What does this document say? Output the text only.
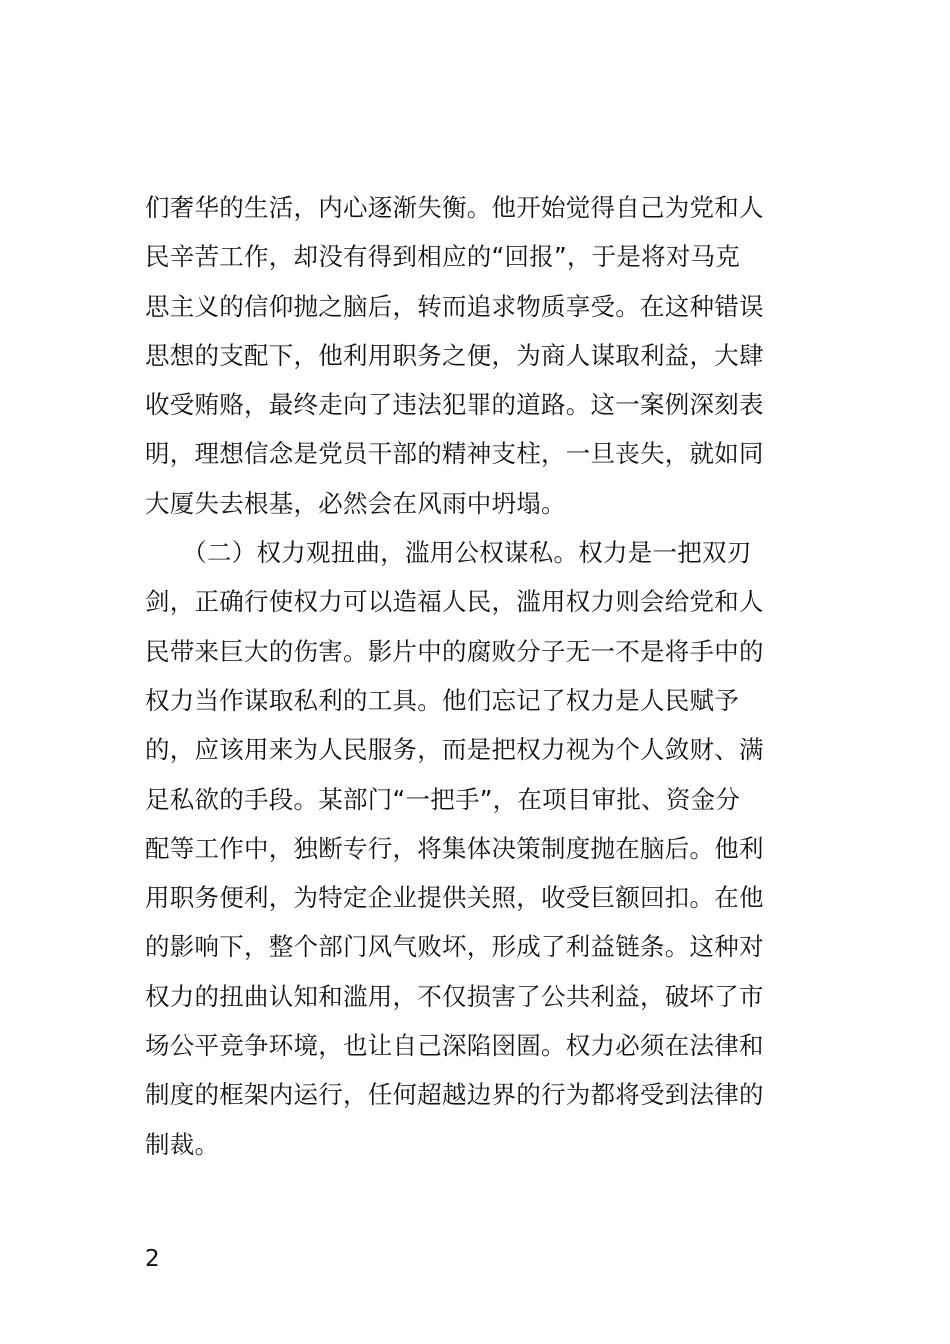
们奢华的生活，内心逐渐失衡。他开始觉得自己为党和人
民辛苦工作，却没有得到相应的“回报”，于是将对马克
思主义的信仰抛之脑后，转而追求物质享受。在这种错误
思想的支配下，他利用职务之便，为商人谋取利益，大肆
收受贿赂，最终走向了违法犯罪的道路。这一案例深刻表
明，理想信念是党员干部的精神支柱，一旦丧失，就如同
大厦失去根基，必然会在风雨中坍塌。
　　（二）权力观扭曲，滥用公权谋私。权力是一把双刃
剑，正确行使权力可以造福人民，滥用权力则会给党和人
民带来巨大的伤害。影片中的腐败分子无一不是将手中的
权力当作谋取私利的工具。他们忘记了权力是人民赋予
的，应该用来为人民服务，而是把权力视为个人敛财、满
足私欲的手段。某部门“一把手”，在项目审批、资金分
配等工作中，独断专行，将集体决策制度抛在脑后。他利
用职务便利，为特定企业提供关照，收受巨额回扣。在他
的影响下，整个部门风气败坏，形成了利益链条。这种对
权力的扭曲认知和滥用，不仅损害了公共利益，破坏了市
场公平竞争环境，也让自己深陷囹圄。权力必须在法律和
制度的框架内运行，任何超越边界的行为都将受到法律的
制裁。
2
